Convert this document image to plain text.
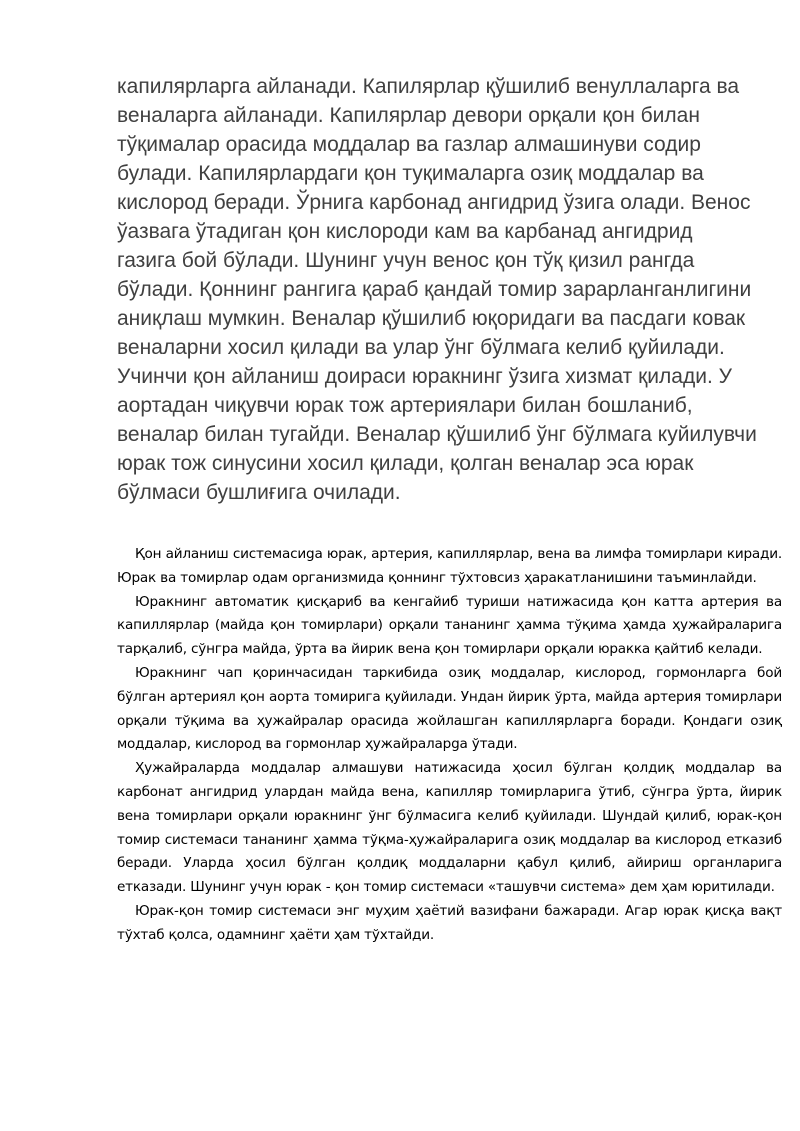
капилярларга айланади. Капилярлар қўшилиб венуллаларга ва веналарга айланади. Капилярлар девори орқали қон билан тўқималар орасида моддалар ва газлар алмашинуви содир булади. Капилярлардаги қон туқималарга озиқ моддалар ва кислород беради. Ўрнига карбонад ангидрид ўзига олади. Венос ўазвага ўтадиган қон кислороди кам ва карбанад ангидрид газига бой бўлади. Шунинг учун венос қон тўқ қизил рангда бўлади. Қоннинг рангига қараб қандай томир зарарланганлигини аниқлаш мумкин. Веналар қўшилиб юқоридаги ва пасдаги ковак веналарни хосил қилади ва улар ўнг бўлмага келиб қуйилади. Учинчи қон айланиш доираси юракнинг ўзига хизмат қилади. У аортадан чиқувчи юрак тож артериялари билан бошланиб, веналар билан тугайди. Веналар қўшилиб ўнг бўлмага куйилувчи юрак тож синусини хосил қилади, қолган веналар эса юрак бўлмаси бушлиғига очилади.

Қон айланиш системасиga юрак, артерия, капиллярлар, вена ва лимфа томирлари киради. Юрак ва томирлар одам организмида қоннинг тўхтовсиз ҳаракатланишини таъминлайди.

Юракнинг автоматик қисқариб ва кенгайиб туриши натижасида қон катта артерия ва капиллярлар (майда қон томирлари) орқали тананинг ҳамма тўқима ҳамда ҳужайраларига тарқалиб, сўнгра майда, ўрта ва йирик вена қон томирлари орқали юракка қайтиб келади.

Юракнинг чап қоринчасидан таркибида озиқ моддалар, кислород, гормонларга бой бўлган артериял қон аорта томирига қуйилади. Ундан йирик ўрта, майда артерия томирлари орқали тўқима ва ҳужайралар орасида жойлашган капиллярларга боради. Қондаги озиқ моддалар, кислород ва гормонлар ҳужайраларga ўтади.

Ҳужайраларда моддалар алмашуви натижасида ҳосил бўлган қолдиқ моддалар ва карбонат ангидрид улардан майда вена, капилляр томирларига ўтиб, сўнгра ўрта, йирик вена томирлари орқали юракнинг ўнг бўлмасига келиб қуйилади. Шундай қилиб, юрак-қон томир системаси тананинг ҳамма тўқма-ҳужайраларига озиқ моддалар ва кислород етказиб беради. Уларда ҳосил бўлган қолдиқ моддаларни қабул қилиб, айириш органларига етказади. Шунинг учун юрак - қон томир системаси «ташувчи система» дем ҳам юритилади.

Юрак-қон томир системаси энг муҳим ҳаётий вазифани бажаради. Агар юрак қисқа вақт тўхтаб қолса, одамнинг ҳаёти ҳам тўхтайди.
